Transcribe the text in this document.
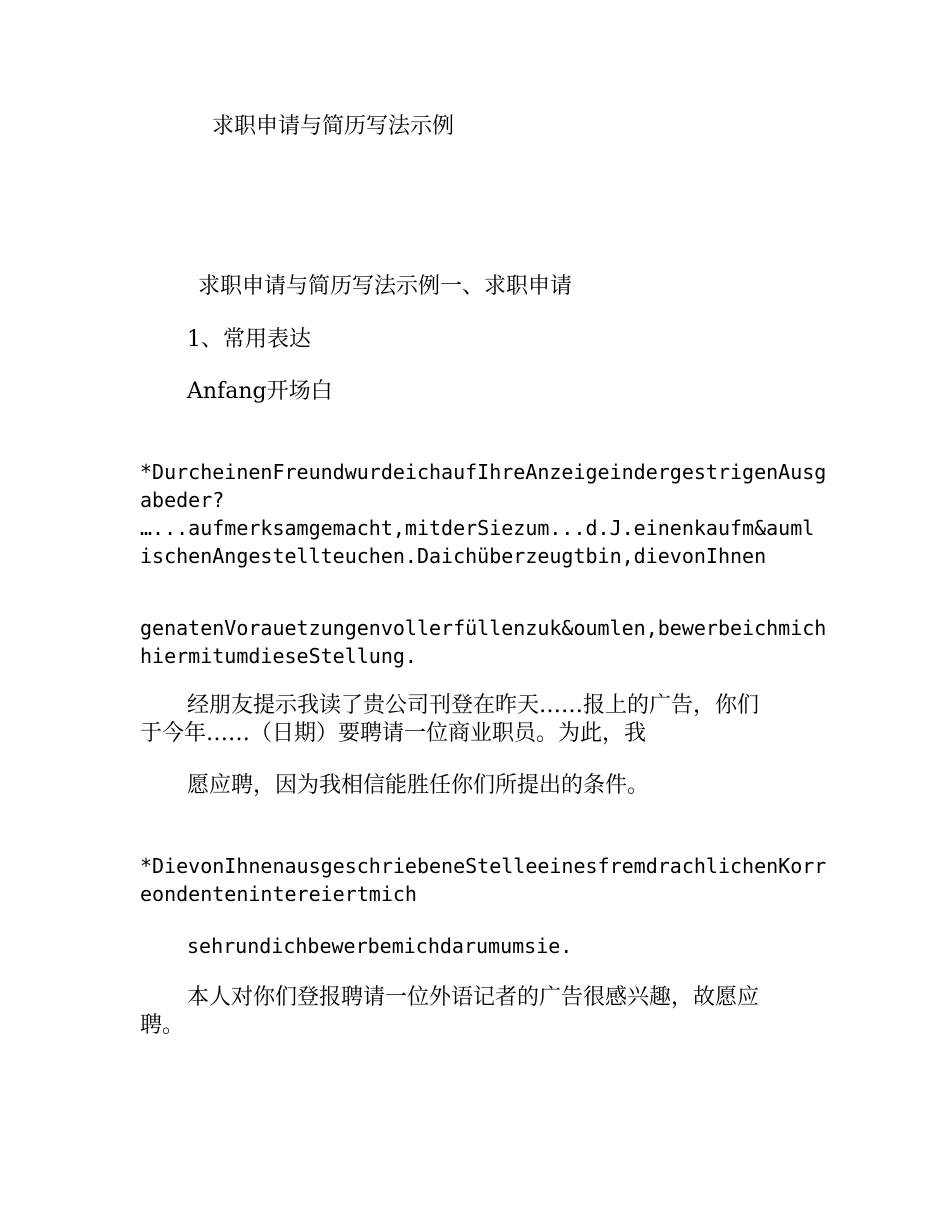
求职申请与简历写法示例

求职申请与简历写法示例一、求职申请

1、常用表达

Anfang开场白

*DurcheinenFreundwurdeichaufIhreAnzeigeindergestrigenAusg
abeder?
…...aufmerksamgemacht,mitderSiezum...d.J.einenkaufm&auml
ischenAngestellteuchen.Daichüberzeugtbin,dievonIhnen
genatenVorauetzungenvollerfüllenzuk&oumlen,bewerbeichmich
hiermitumdieseStellung.
经朋友提示我读了贵公司刊登在昨天……报上的广告，你们
于今年……（日期）要聘请一位商业职员。为此，我

愿应聘，因为我相信能胜任你们所提出的条件。

*DievonIhnenausgeschriebeneStelleeinesfremdrachlichenKorr
eondentenintereiertmich

sehrundichbewerbemichdarumumsie.

本人对你们登报聘请一位外语记者的广告很感兴趣，故愿应
聘。
